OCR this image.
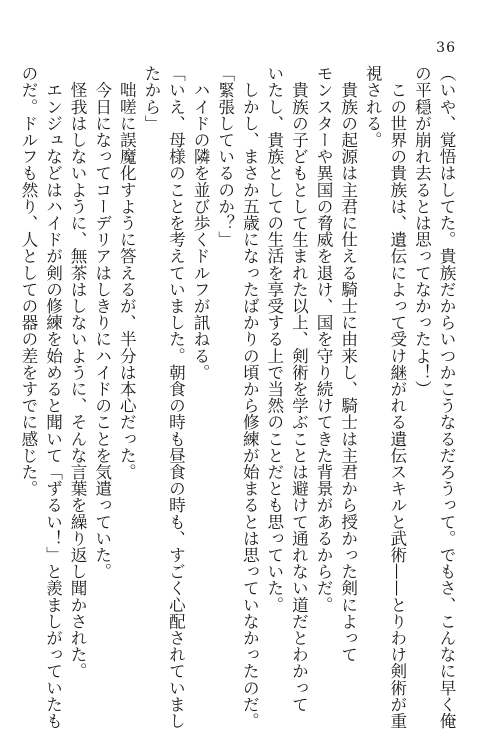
36
（いや、覚悟はしてた。貴族だからいつかこうなるだろうって。でもさ、こんなに早く俺
の平穏が崩れ去るとは思ってなかったよ！）
　この世界の貴族は、遺伝によって受け継がれる遺伝スキルと武術——とりわけ剣術が重
視される。
　貴族の起源は主君に仕える騎士に由来し、騎士は主君から授かった剣によって
モンスターや異国の脅威を退け、国を守り続けてきた背景があるからだ。
　貴族の子どもとして生まれた以上、剣術を学ぶことは避けて通れない道だとわかって
いたし、貴族としての生活を享受する上で当然のことだとも思っていた。
　しかし、まさか五歳になったばかりの頃から修練が始まるとは思っていなかったのだ。
「緊張しているのか？」
　ハイドの隣を並び歩くドルフが訊ねる。
「いえ、母様のことを考えていました。朝食の時も昼食の時も、すごく心配されていまし
たから」
　咄嗟に誤魔化すように答えるが、半分は本心だった。
　今日になってコーデリアはしきりにハイドのことを気遣っていた。
　怪我はしないように、無茶はしないように、そんな言葉を繰り返し聞かされた。
　エンジュなどはハイドが剣の修練を始めると聞いて「ずるい！」と羨ましがっていたも
のだ。ドルフも然り、人としての器の差をすでに感じた。
